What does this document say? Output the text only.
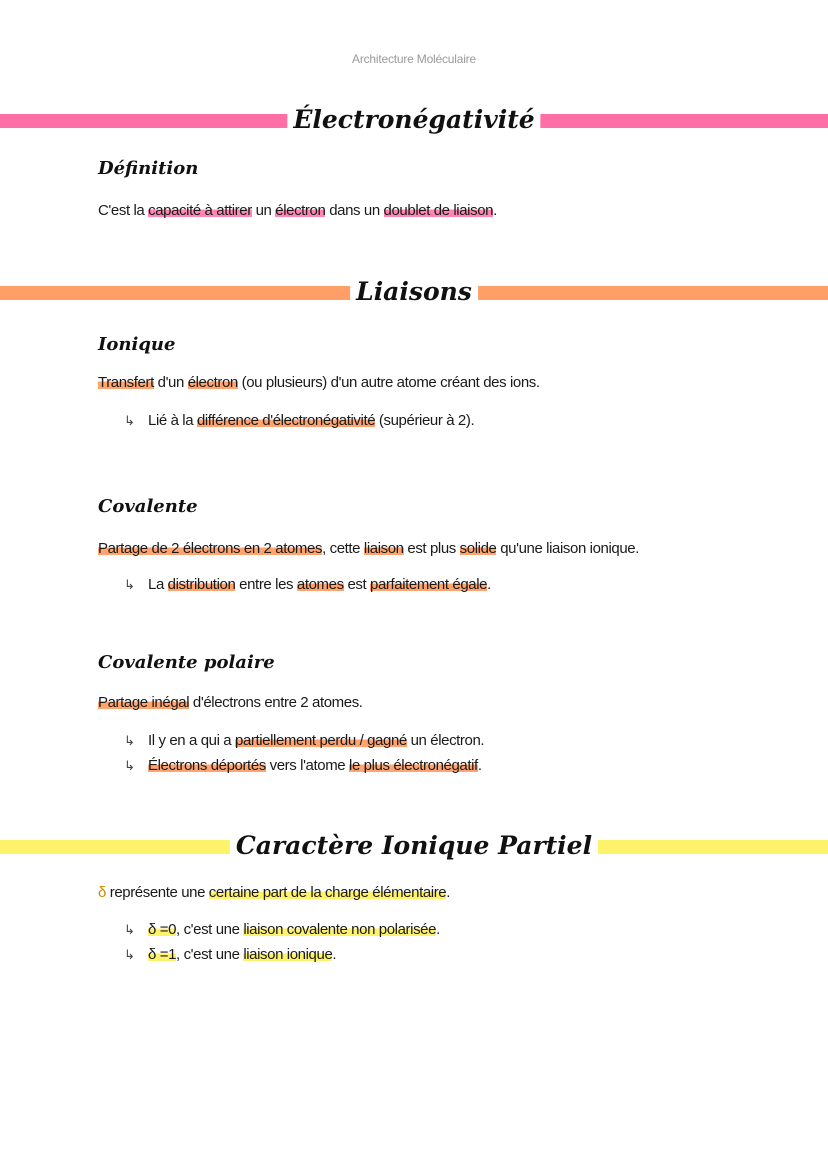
Architecture Moléculaire
Électronégativité
Définition
C'est la capacité à attirer un électron dans un doublet de liaison.
Liaisons
Ionique
Transfert d'un électron (ou plusieurs) d'un autre atome créant des ions.
↳ Lié à la différence d'électronégativité (supérieur à 2).
Covalente
Partage de 2 électrons en 2 atomes, cette liaison est plus solide qu'une liaison ionique.
↳ La distribution entre les atomes est parfaitement égale.
Covalente polaire
Partage inégal d'électrons entre 2 atomes.
↳ Il y en a qui a partiellement perdu / gagné un électron.
↳ Électrons déportés vers l'atome le plus électronégatif.
Caractère Ionique Partiel
δ représente une certaine part de la charge élémentaire.
↳ δ =0, c'est une liaison covalente non polarisée.
↳ δ =1, c'est une liaison ionique.
